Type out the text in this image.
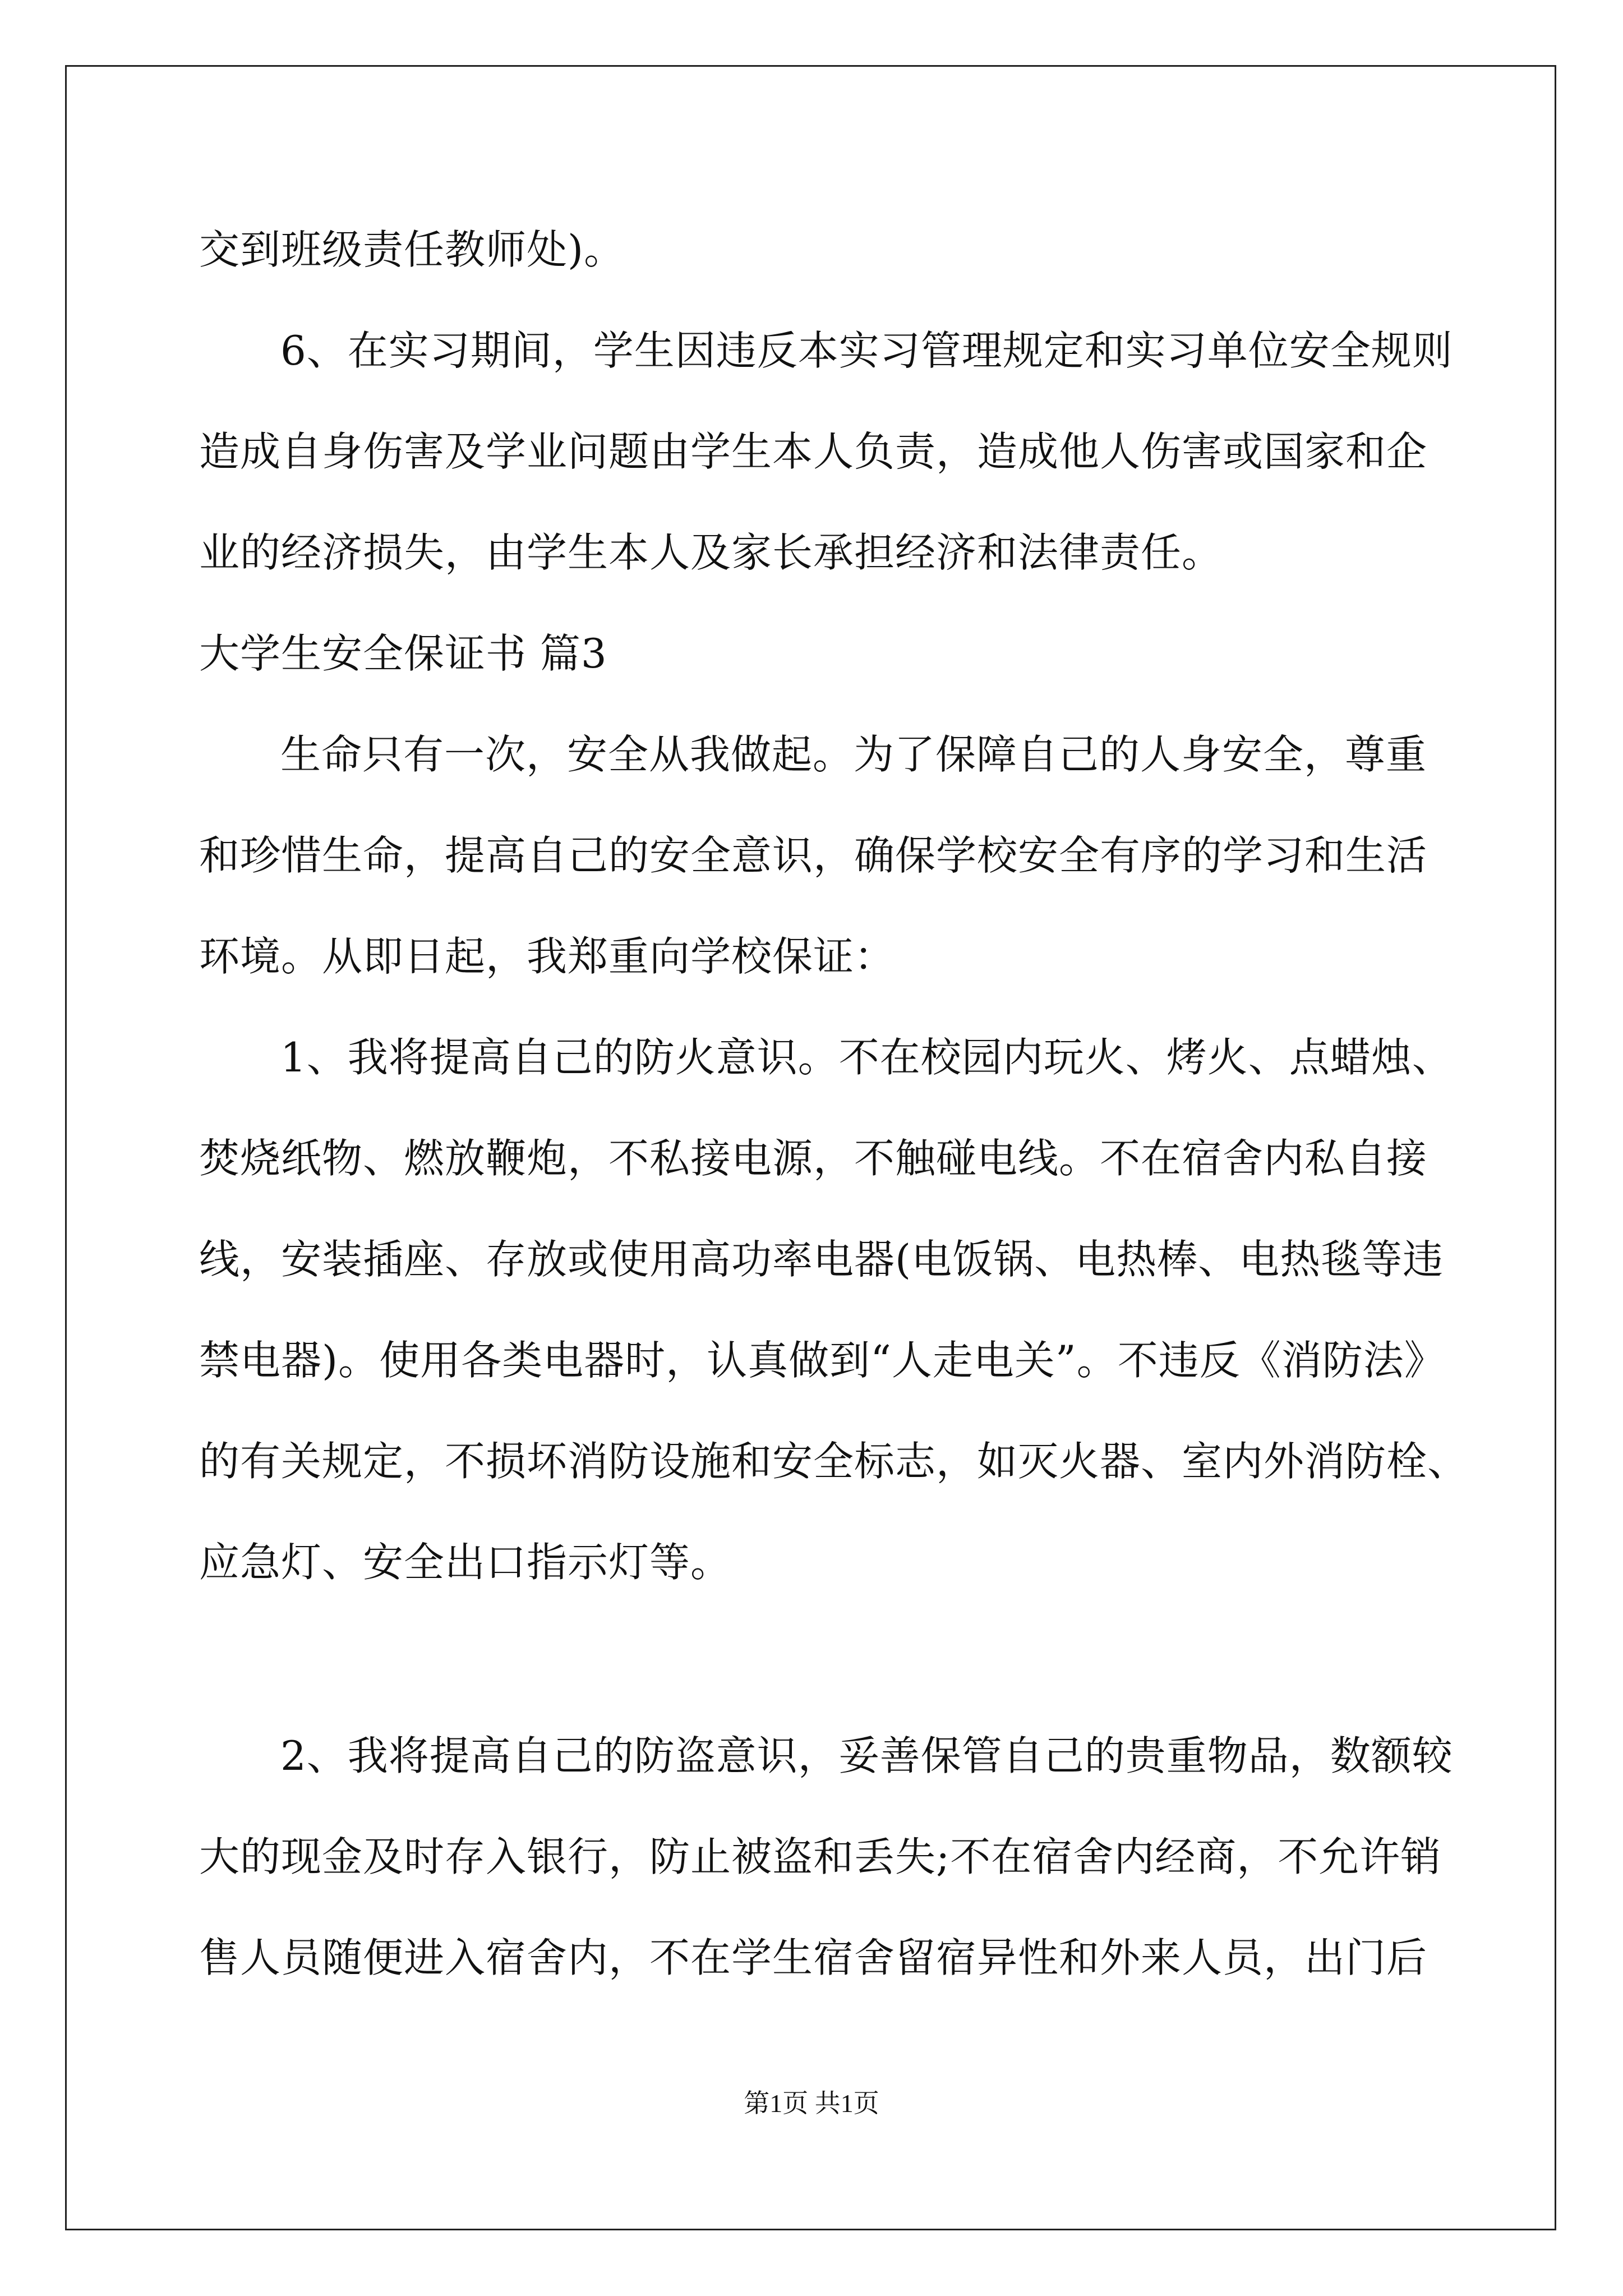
交到班级责任教师处)。
6、在实习期间，学生因违反本实习管理规定和实习单位安全规则
造成自身伤害及学业问题由学生本人负责，造成他人伤害或国家和企
业的经济损失，由学生本人及家长承担经济和法律责任。
大学生安全保证书 篇3
生命只有一次，安全从我做起。为了保障自己的人身安全，尊重
和珍惜生命，提高自己的安全意识，确保学校安全有序的学习和生活
环境。从即日起，我郑重向学校保证：
1、我将提高自己的防火意识。不在校园内玩火、烤火、点蜡烛、
焚烧纸物、燃放鞭炮，不私接电源，不触碰电线。不在宿舍内私自接
线，安装插座、存放或使用高功率电器(电饭锅、电热棒、电热毯等违
禁电器)。使用各类电器时，认真做到“人走电关”。不违反《消防法》
的有关规定，不损坏消防设施和安全标志，如灭火器、室内外消防栓、
应急灯、安全出口指示灯等。
2、我将提高自己的防盗意识，妥善保管自己的贵重物品，数额较
大的现金及时存入银行，防止被盗和丢失;不在宿舍内经商，不允许销
售人员随便进入宿舍内，不在学生宿舍留宿异性和外来人员，出门后
第1页 共1页
